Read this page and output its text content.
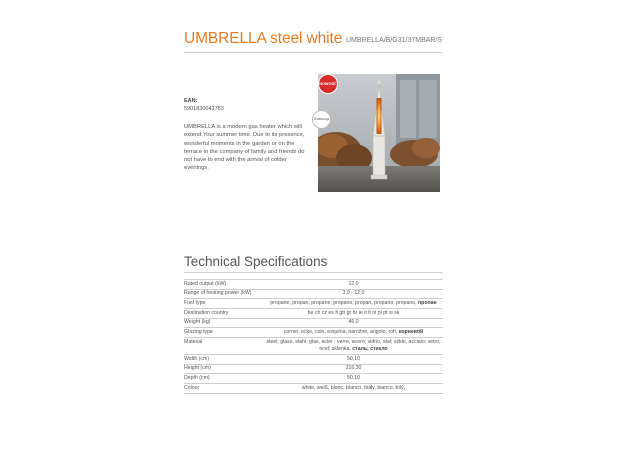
UMBRELLA steel white UMBRELLA/B/G31/37MBAR/S
EAN:
5901830043783
UMBRELLA is a modern gas heater which will extend Your summer time. Due to its presence, wonderful moments in the garden or on the terrace in the company of family and friends do not have to end with the arrival of colder evenings.
NOWOŚĆ
Gwarancja
Technical Specifications
Rated output (kW)	12,0
Range of heating power (kW)	3,9 - 12,0
Fuel type	propane, propan, propane, propano, propan, propano, propano, пропан
Destination country	be ch cz es fi gb gr hr ie it lt nl pl pt si sk
Weight (kg)	46,0
Glazing type	corner, ecke, coin, esquina, narožne, angolo, roh, корневой
Material	steel; glass, stahl; glas, acier ; verre, acero; vidrio, stal; szkło, acciaio; vetro, ocel; sklenka, сталь; стекло
Width (cm)	50,10
Height (cm)	216,30
Depth (cm)	50,10
Colour	white, weiß, blanc, blanco, biały, bianco, bílý,
